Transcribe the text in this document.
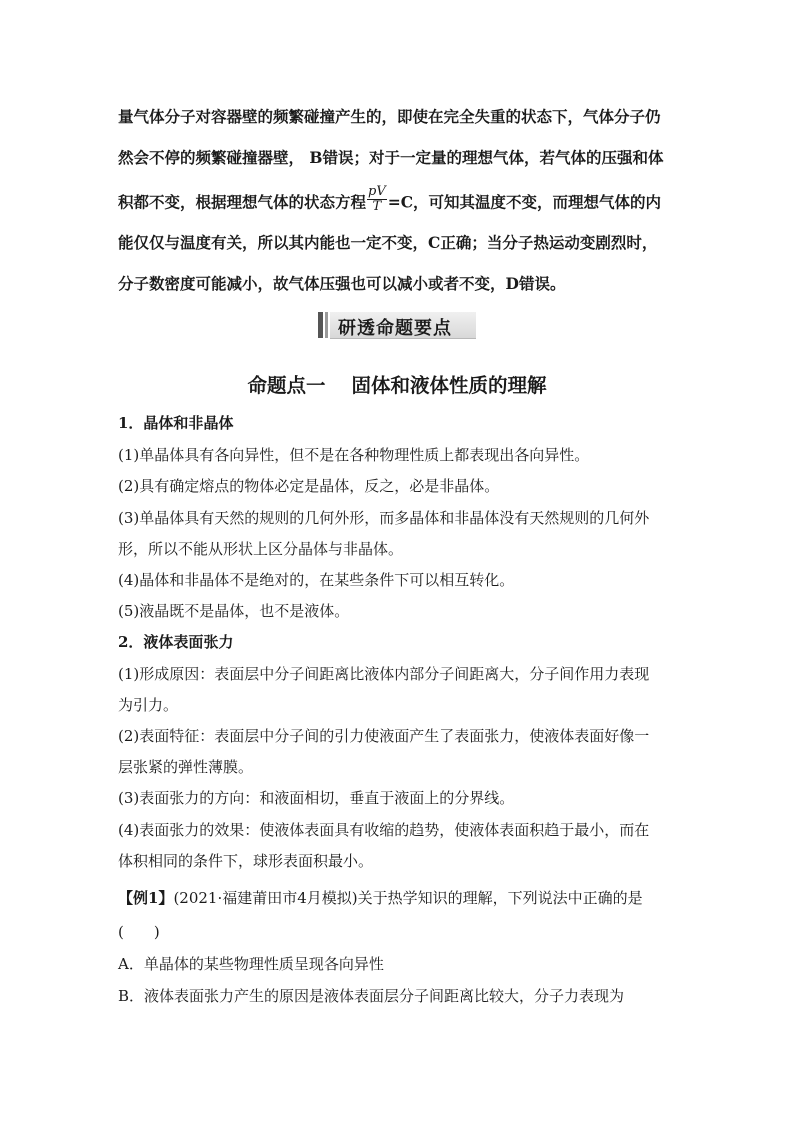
量气体分子对容器壁的频繁碰撞产生的，即使在完全失重的状态下，气体分子仍
然会不停的频繁碰撞器壁， B错误；对于一定量的理想气体，若气体的压强和体
积都不变，根据理想气体的状态方程 $\frac{pV}{T} =C$，可知其温度不变，而理想气体的内
能仅仅与温度有关，所以其内能也一定不变，C正确；当分子热运动变剧烈时，
分子数密度可能减小，故气体压强也可以减小或者不变，D错误。
研透命题要点
命题点一 固体和液体性质的理解
1．晶体和非晶体
(1)单晶体具有各向异性，但不是在各种物理性质上都表现出各向异性。
(2)具有确定熔点的物体必定是晶体，反之，必是非晶体。
(3)单晶体具有天然的规则的几何外形，而多晶体和非晶体没有天然规则的几何外
形，所以不能从形状上区分晶体与非晶体。
(4)晶体和非晶体不是绝对的，在某些条件下可以相互转化。
(5)液晶既不是晶体，也不是液体。
2．液体表面张力
(1)形成原因：表面层中分子间距离比液体内部分子间距离大，分子间作用力表现
为引力。
(2)表面特征：表面层中分子间的引力使液面产生了表面张力，使液体表面好像一
层张紧的弹性薄膜。
(3)表面张力的方向：和液面相切，垂直于液面上的分界线。
(4)表面张力的效果：使液体表面具有收缩的趋势，使液体表面积趋于最小，而在
体积相同的条件下，球形表面积最小。
【例1】(2021·福建莆田市4月模拟)关于热学知识的理解，下列说法中正确的是
(　　)
A．单晶体的某些物理性质呈现各向异性
B．液体表面张力产生的原因是液体表面层分子间距离比较大，分子力表现为
